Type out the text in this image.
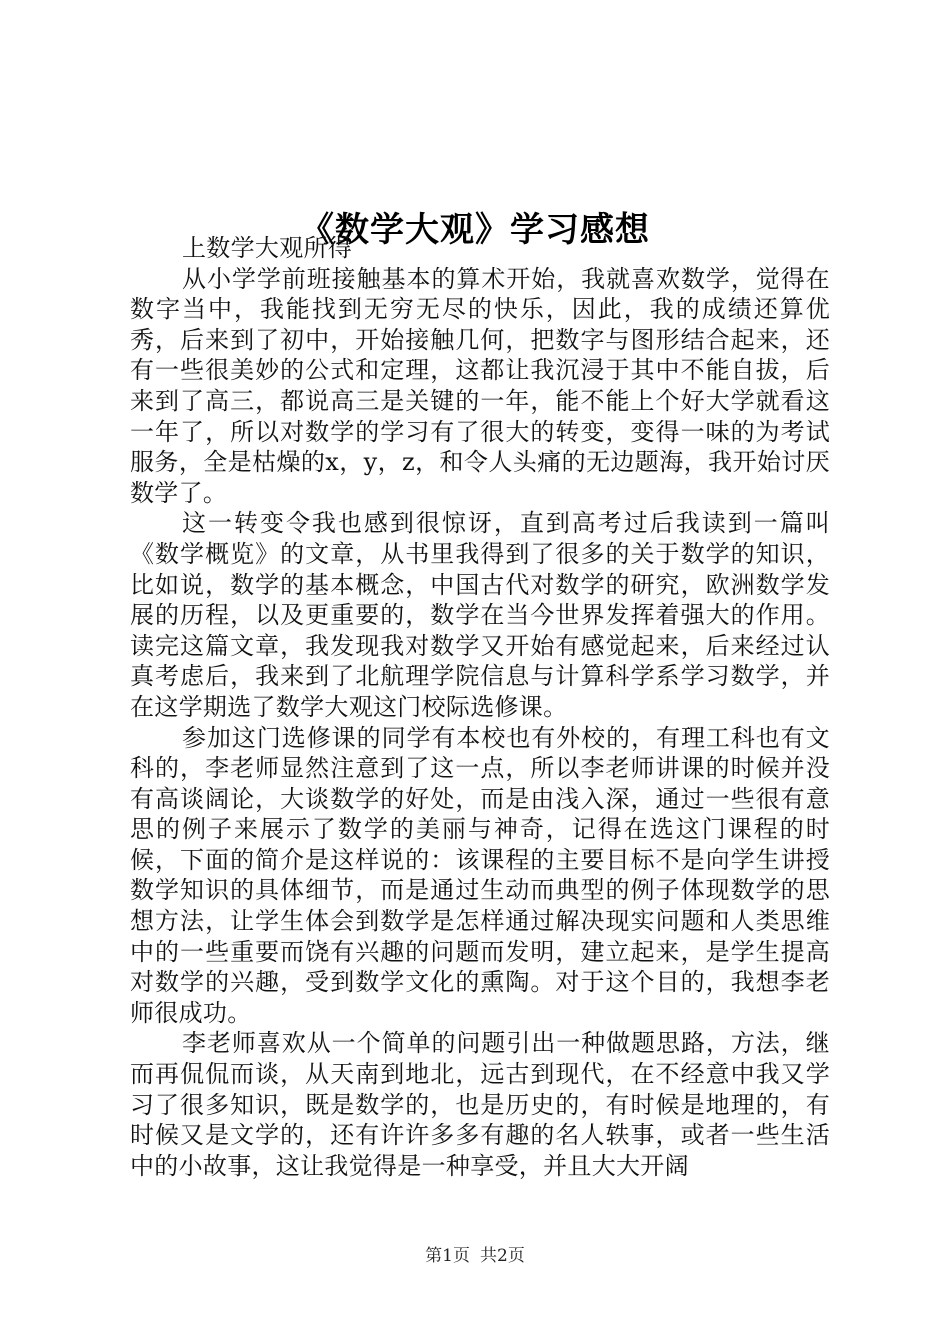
《数学大观》学习感想

上数学大观所得

从小学学前班接触基本的算术开始，我就喜欢数学，觉得在数字当中，我能找到无穷无尽的快乐，因此，我的成绩还算优秀，后来到了初中，开始接触几何，把数字与图形结合起来，还有一些很美妙的公式和定理，这都让我沉浸于其中不能自拔，后来到了高三，都说高三是关键的一年，能不能上个好大学就看这一年了，所以对数学的学习有了很大的转变，变得一味的为考试服务，全是枯燥的x，y，z，和令人头痛的无边题海，我开始讨厌数学了。

这一转变令我也感到很惊讶，直到高考过后我读到一篇叫《数学概览》的文章，从书里我得到了很多的关于数学的知识，比如说，数学的基本概念，中国古代对数学的研究，欧洲数学发展的历程，以及更重要的，数学在当今世界发挥着强大的作用。读完这篇文章，我发现我对数学又开始有感觉起来，后来经过认真考虑后，我来到了北航理学院信息与计算科学系学习数学，并在这学期选了数学大观这门校际选修课。

参加这门选修课的同学有本校也有外校的，有理工科也有文科的，李老师显然注意到了这一点，所以李老师讲课的时候并没有高谈阔论，大谈数学的好处，而是由浅入深，通过一些很有意思的例子来展示了数学的美丽与神奇，记得在选这门课程的时候，下面的简介是这样说的：该课程的主要目标不是向学生讲授数学知识的具体细节，而是通过生动而典型的例子体现数学的思想方法，让学生体会到数学是怎样通过解决现实问题和人类思维中的一些重要而饶有兴趣的问题而发明，建立起来，是学生提高对数学的兴趣，受到数学文化的熏陶。对于这个目的，我想李老师很成功。

李老师喜欢从一个简单的问题引出一种做题思路，方法，继而再侃侃而谈，从天南到地北，远古到现代，在不经意中我又学习了很多知识，既是数学的，也是历史的，有时候是地理的，有时候又是文学的，还有许许多多有趣的名人轶事，或者一些生活中的小故事，这让我觉得是一种享受，并且大大开阔

第1页 共2页
